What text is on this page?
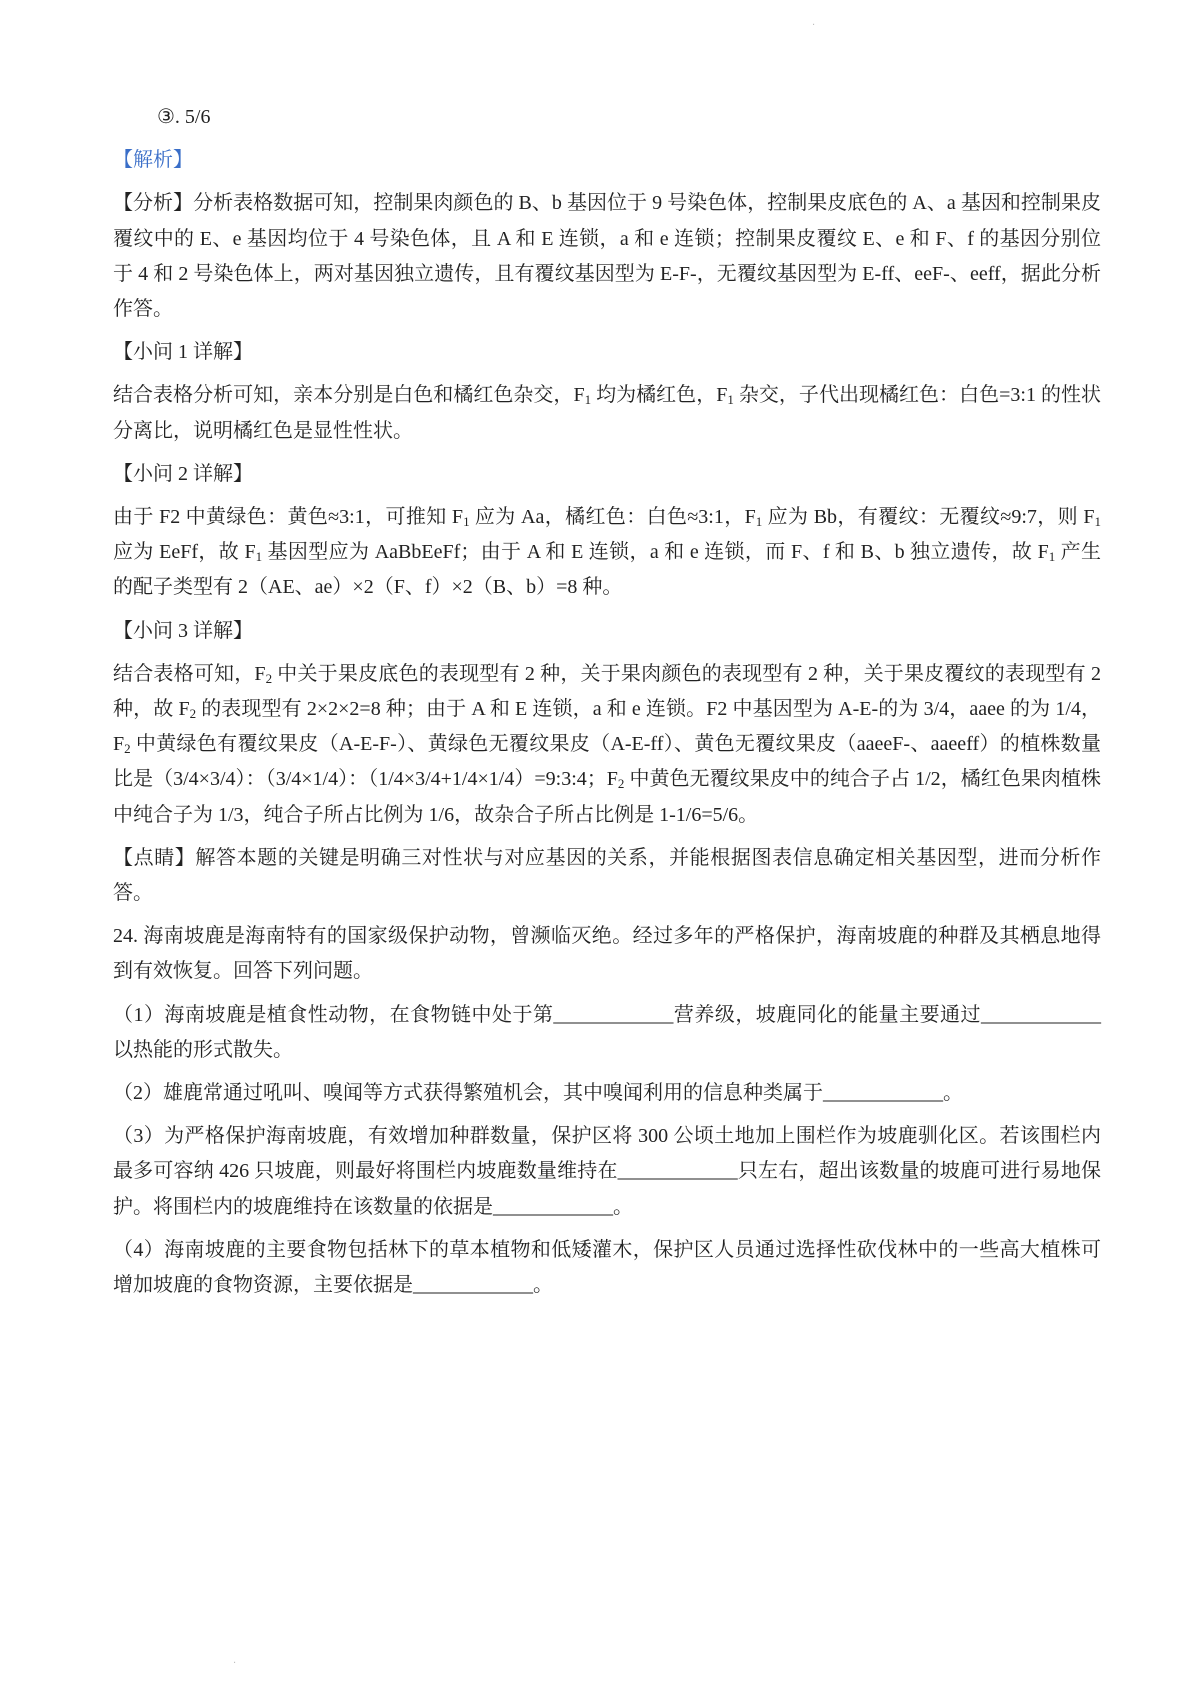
③. 5/6

【解析】

【分析】分析表格数据可知，控制果肉颜色的 B、b 基因位于 9 号染色体，控制果皮底色的 A、a 基因和控制果皮覆纹中的 E、e 基因均位于 4 号染色体，且 A 和 E 连锁，a 和 e 连锁；控制果皮覆纹 E、e 和 F、f 的基因分别位于 4 和 2 号染色体上，两对基因独立遗传，且有覆纹基因型为 E-F-，无覆纹基因型为 E-ff、eeF-、eeff，据此分析作答。

【小问 1 详解】

结合表格分析可知，亲本分别是白色和橘红色杂交，$F_1$ 均为橘红色，$F_1$ 杂交，子代出现橘红色：白色=3:1 的性状分离比，说明橘红色是显性性状。

【小问 2 详解】

由于 F2 中黄绿色：黄色≈3:1，可推知 $F_1$ 应为 Aa，橘红色：白色≈3:1，$F_1$ 应为 Bb，有覆纹：无覆纹≈9:7，则 $F_1$ 应为 EeFf，故 $F_1$ 基因型应为 AaBbEeFf；由于 A 和 E 连锁，a 和 e 连锁，而 F、f 和 B、b 独立遗传，故 $F_1$ 产生的配子类型有 2（AE、ae）×2（F、f）×2（B、b）=8 种。

【小问 3 详解】

结合表格可知，$F_2$ 中关于果皮底色的表现型有 2 种，关于果肉颜色的表现型有 2 种，关于果皮覆纹的表现型有 2 种，故 $F_2$ 的表现型有 2×2×2=8 种；由于 A 和 E 连锁，a 和 e 连锁。F2 中基因型为 A-E-的为 3/4，aaee 的为 1/4，$F_2$ 中黄绿色有覆纹果皮（A-E-F-）、黄绿色无覆纹果皮（A-E-ff）、黄色无覆纹果皮（aaeeF-、aaeeff）的植株数量比是（3/4×3/4）：（3/4×1/4）：（1/4×3/4+1/4×1/4）=9:3:4；$F_2$ 中黄色无覆纹果皮中的纯合子占 1/2，橘红色果肉植株中纯合子为 1/3，纯合子所占比例为 1/6，故杂合子所占比例是 1-1/6=5/6。

【点睛】解答本题的关键是明确三对性状与对应基因的关系，并能根据图表信息确定相关基因型，进而分析作答。

24. 海南坡鹿是海南特有的国家级保护动物，曾濒临灭绝。经过多年的严格保护，海南坡鹿的种群及其栖息地得到有效恢复。回答下列问题。

（1）海南坡鹿是植食性动物，在食物链中处于第____________营养级，坡鹿同化的能量主要通过____________以热能的形式散失。

（2）雄鹿常通过吼叫、嗅闻等方式获得繁殖机会，其中嗅闻利用的信息种类属于____________。

（3）为严格保护海南坡鹿，有效增加种群数量，保护区将 300 公顷土地加上围栏作为坡鹿驯化区。若该围栏内最多可容纳 426 只坡鹿，则最好将围栏内坡鹿数量维持在____________只左右，超出该数量的坡鹿可进行易地保护。将围栏内的坡鹿维持在该数量的依据是____________。

（4）海南坡鹿的主要食物包括林下的草本植物和低矮灌木，保护区人员通过选择性砍伐林中的一些高大植株可增加坡鹿的食物资源，主要依据是____________。

·
·
